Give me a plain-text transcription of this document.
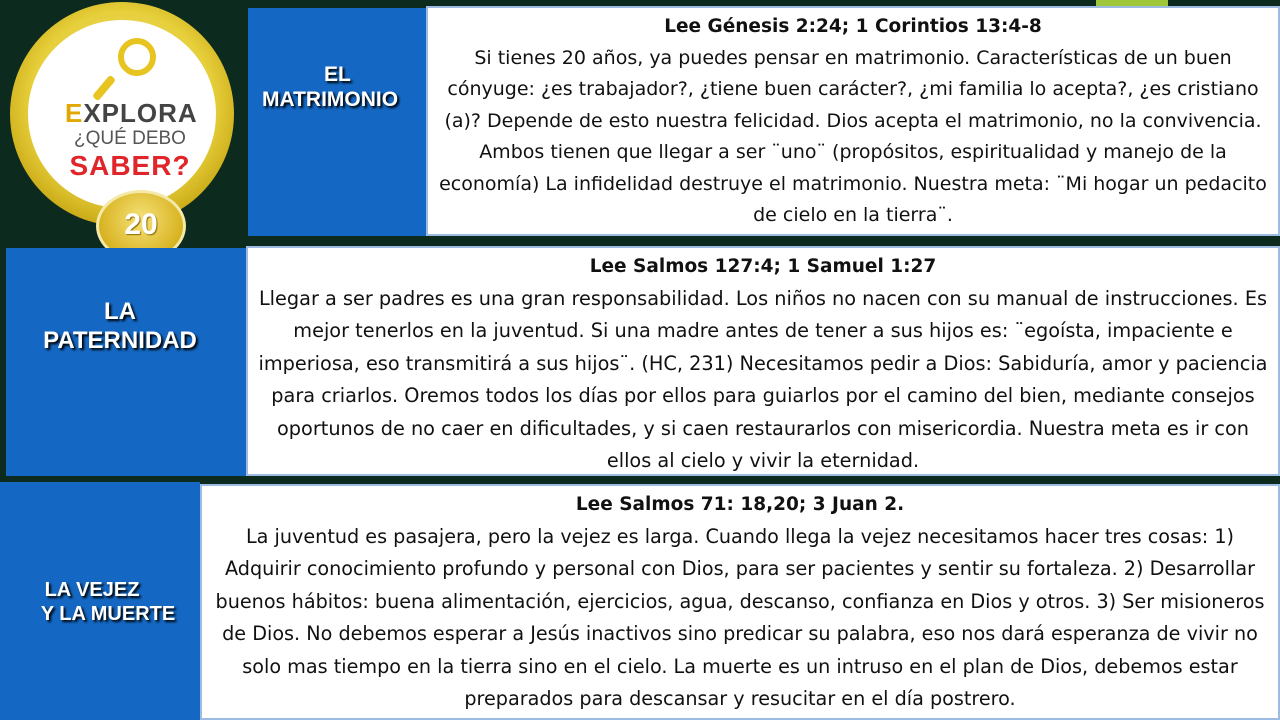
EXPLORA
¿QUÉ DEBO
SABER?
20
EL
MATRIMONIO
Lee Génesis 2:24; 1 Corintios 13:4-8
Si tienes 20 años, ya puedes pensar en matrimonio. Características de un buen cónyuge: ¿es trabajador?, ¿tiene buen carácter?, ¿mi familia lo acepta?, ¿es cristiano (a)? Depende de esto nuestra felicidad. Dios acepta el matrimonio, no la convivencia. Ambos tienen que llegar a ser ¨uno¨ (propósitos, espiritualidad y manejo de la economía) La infidelidad destruye el matrimonio. Nuestra meta: ¨Mi hogar un pedacito de cielo en la tierra¨.
LA
PATERNIDAD
Lee Salmos 127:4; 1 Samuel 1:27
Llegar a ser padres es una gran responsabilidad. Los niños no nacen con su manual de instrucciones. Es mejor tenerlos en la juventud. Si una madre antes de tener a sus hijos es: ¨egoísta, impaciente e imperiosa, eso transmitirá a sus hijos¨. (HC, 231) Necesitamos pedir a Dios: Sabiduría, amor y paciencia para criarlos. Oremos todos los días por ellos para guiarlos por el camino del bien, mediante consejos oportunos de no caer en dificultades, y si caen restaurarlos con misericordia. Nuestra meta es ir con ellos al cielo y vivir la eternidad.
LA VEJEZ
Y LA MUERTE
Lee Salmos 71: 18,20; 3 Juan 2.
La juventud es pasajera, pero la vejez es larga. Cuando llega la vejez necesitamos hacer tres cosas: 1) Adquirir conocimiento profundo y personal con Dios, para ser pacientes y sentir su fortaleza. 2) Desarrollar buenos hábitos: buena alimentación, ejercicios, agua, descanso, confianza en Dios y otros. 3) Ser misioneros de Dios. No debemos esperar a Jesús inactivos sino predicar su palabra, eso nos dará esperanza de vivir no solo mas tiempo en la tierra sino en el cielo. La muerte es un intruso en el plan de Dios, debemos estar preparados para descansar y resucitar en el día postrero.
